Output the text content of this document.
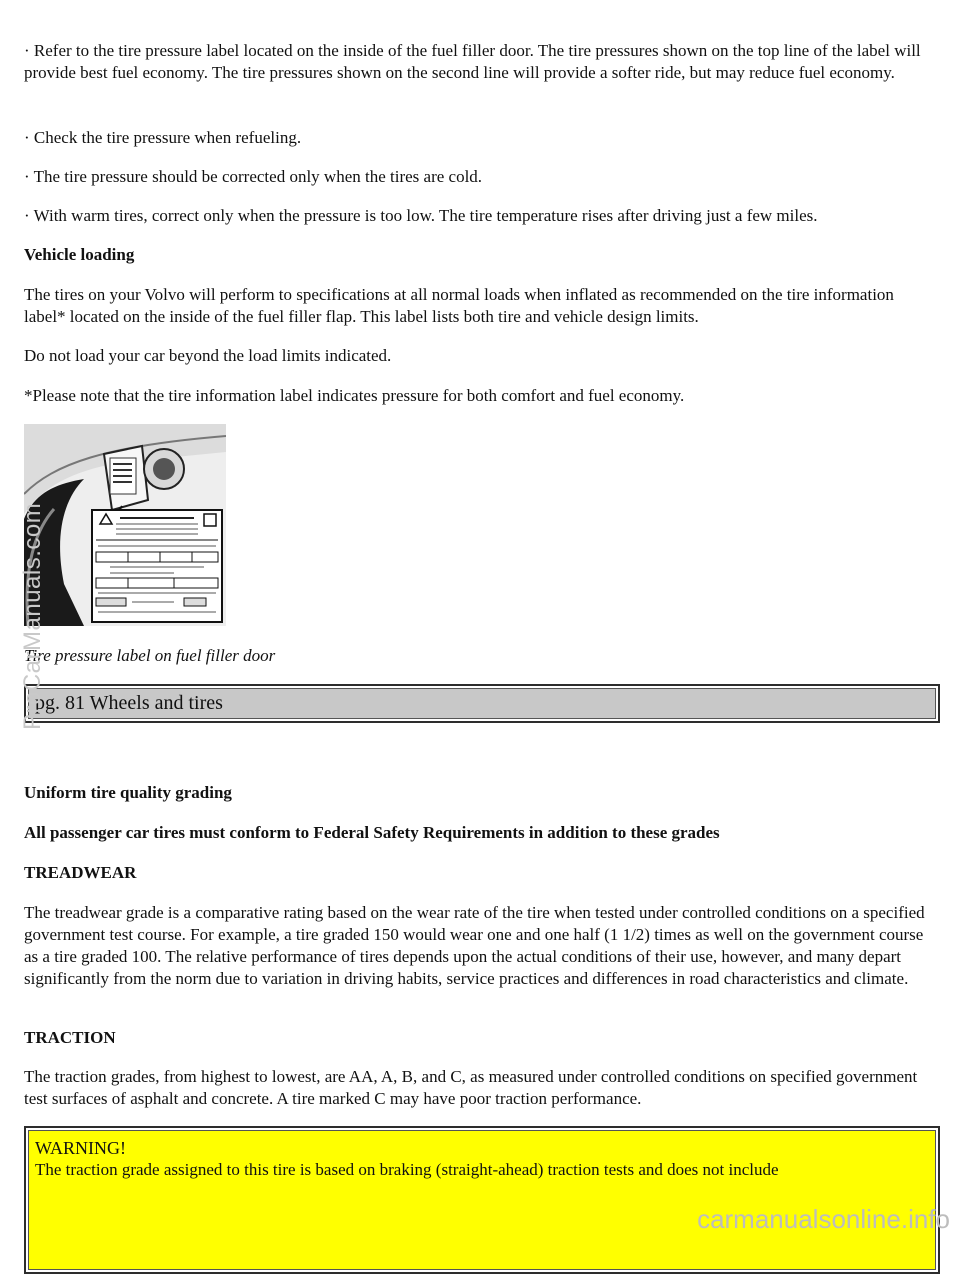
· Refer to the tire pressure label located on the inside of the fuel filler door. The tire pressures shown on the top line of the label will provide best fuel economy. The tire pressures shown on the second line will provide a softer ride, but may reduce fuel economy.

· Check the tire pressure when refueling.

· The tire pressure should be corrected only when the tires are cold.

· With warm tires, correct only when the pressure is too low. The tire temperature rises after driving just a few miles.

Vehicle loading

The tires on your Volvo will perform to specifications at all normal loads when inflated as recommended on the tire information label* located on the inside of the fuel filler flap. This label lists both tire and vehicle design limits.

Do not load your car beyond the load limits indicated.

*Please note that the tire information label indicates pressure for both comfort and fuel economy.

Tire pressure label on fuel filler door

pg. 81 Wheels and tires

Uniform tire quality grading

All passenger car tires must conform to Federal Safety Requirements in addition to these grades

TREADWEAR

The treadwear grade is a comparative rating based on the wear rate of the tire when tested under controlled conditions on a specified government test course. For example, a tire graded 150 would wear one and one half (1 1/2) times as well on the government course as a tire graded 100. The relative performance of tires depends upon the actual conditions of their use, however, and many depart significantly from the norm due to variation in driving habits, service practices and differences in road characteristics and climate.

TRACTION

The traction grades, from highest to lowest, are AA, A, B, and C, as measured under controlled conditions on specified government test surfaces of asphalt and concrete. A tire marked C may have poor traction performance.

WARNING!
The traction grade assigned to this tire is based on braking (straight-ahead) traction tests and does not include
ProCarManuals.com
carmanualsonline.info
